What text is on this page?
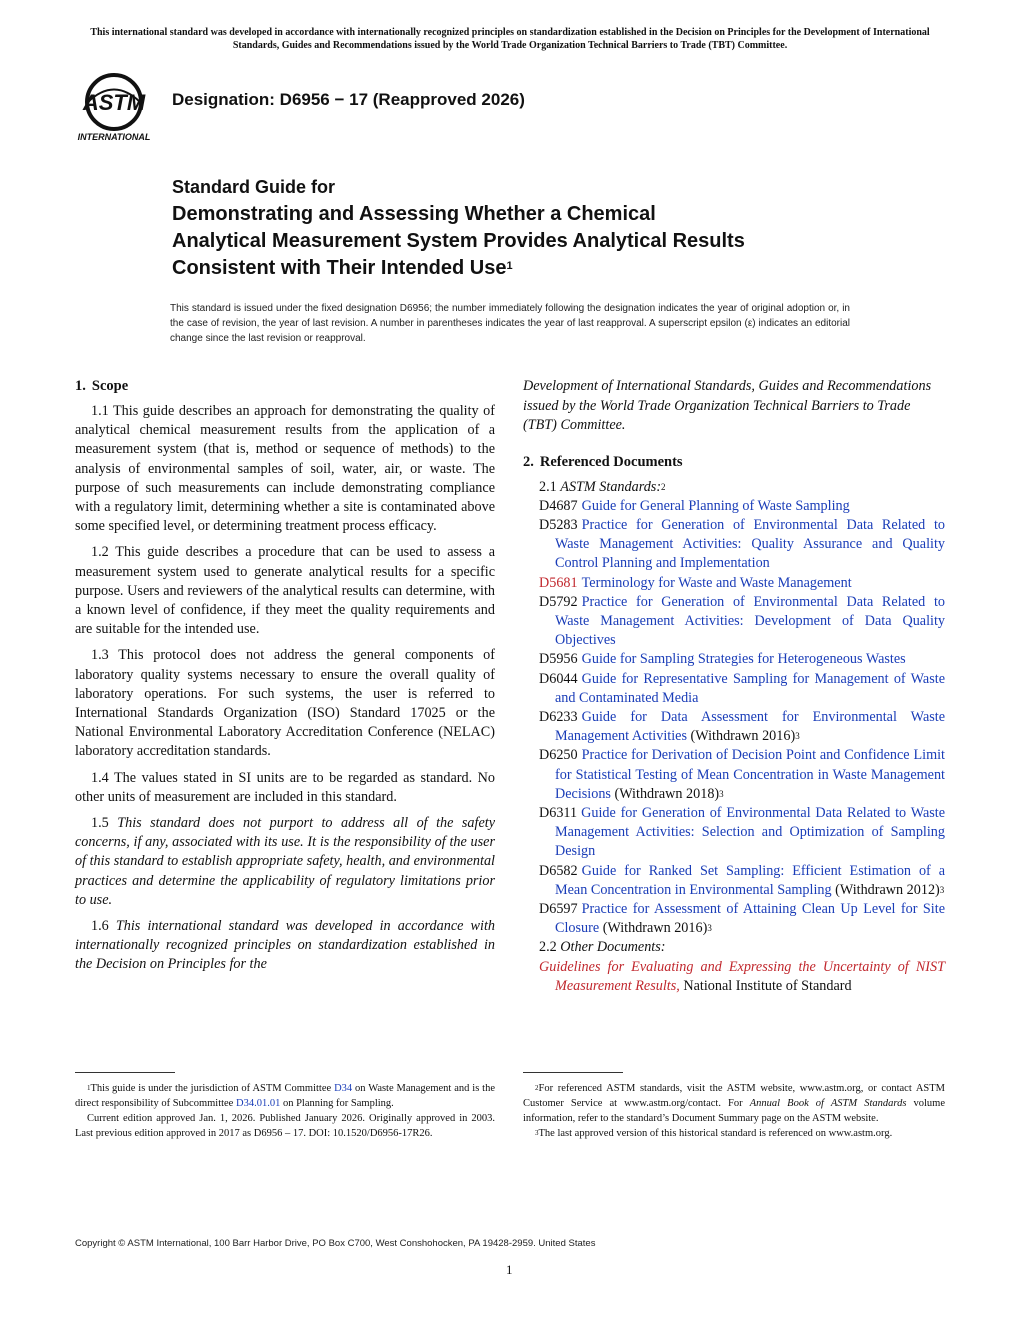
This international standard was developed in accordance with internationally recognized principles on standardization established in the Decision on Principles for the Development of International Standards, Guides and Recommendations issued by the World Trade Organization Technical Barriers to Trade (TBT) Committee.
ASTM
INTERNATIONAL
Designation: D6956 − 17 (Reapproved 2026)
Standard Guide for
Demonstrating and Assessing Whether a Chemical
Analytical Measurement System Provides Analytical Results
Consistent with Their Intended Use$^1$
This standard is issued under the fixed designation D6956; the number immediately following the designation indicates the year of original adoption or, in the case of revision, the year of last revision. A number in parentheses indicates the year of last reapproval. A superscript epsilon (ε) indicates an editorial change since the last revision or reapproval.
1. Scope

1.1 This guide describes an approach for demonstrating the quality of analytical chemical measurement results from the application of a measurement system (that is, method or sequence of methods) to the analysis of environmental samples of soil, water, air, or waste. The purpose of such measurements can include demonstrating compliance with a regulatory limit, determining whether a site is contaminated above some specified level, or determining treatment process efficacy.

1.2 This guide describes a procedure that can be used to assess a measurement system used to generate analytical results for a specific purpose. Users and reviewers of the analytical results can determine, with a known level of confidence, if they meet the quality requirements and are suitable for the intended use.

1.3 This protocol does not address the general components of laboratory quality systems necessary to ensure the overall quality of laboratory operations. For such systems, the user is referred to International Standards Organization (ISO) Standard 17025 or the National Environmental Laboratory Accreditation Conference (NELAC) laboratory accreditation standards.

1.4 The values stated in SI units are to be regarded as standard. No other units of measurement are included in this standard.

1.5 This standard does not purport to address all of the safety concerns, if any, associated with its use. It is the responsibility of the user of this standard to establish appropriate safety, health, and environmental practices and determine the applicability of regulatory limitations prior to use.

1.6 This international standard was developed in accordance with internationally recognized principles on standardization established in the Decision on Principles for the

Development of International Standards, Guides and Recommendations issued by the World Trade Organization Technical Barriers to Trade (TBT) Committee.
2. Referenced Documents
2.1 ASTM Standards:$^2$
D4687 Guide for General Planning of Waste Sampling
D5283 Practice for Generation of Environmental Data Related to Waste Management Activities: Quality Assurance and Quality Control Planning and Implementation
D5681 Terminology for Waste and Waste Management
D5792 Practice for Generation of Environmental Data Related to Waste Management Activities: Development of Data Quality Objectives
D5956 Guide for Sampling Strategies for Heterogeneous Wastes
D6044 Guide for Representative Sampling for Management of Waste and Contaminated Media
D6233 Guide for Data Assessment for Environmental Waste Management Activities (Withdrawn 2016)$^3$
D6250 Practice for Derivation of Decision Point and Confidence Limit for Statistical Testing of Mean Concentration in Waste Management Decisions (Withdrawn 2018)$^3$
D6311 Guide for Generation of Environmental Data Related to Waste Management Activities: Selection and Optimization of Sampling Design
D6582 Guide for Ranked Set Sampling: Efficient Estimation of a Mean Concentration in Environmental Sampling (Withdrawn 2012)$^3$
D6597 Practice for Assessment of Attaining Clean Up Level for Site Closure (Withdrawn 2016)$^3$
2.2 Other Documents:
Guidelines for Evaluating and Expressing the Uncertainty of NIST Measurement Results, National Institute of Standard

$^1$This guide is under the jurisdiction of ASTM Committee D34 on Waste Management and is the direct responsibility of Subcommittee D34.01.01 on Planning for Sampling.

Current edition approved Jan. 1, 2026. Published January 2026. Originally approved in 2003. Last previous edition approved in 2017 as D6956 – 17. DOI: 10.1520/D6956-17R26.

$^2$For referenced ASTM standards, visit the ASTM website, www.astm.org, or contact ASTM Customer Service at www.astm.org/contact. For Annual Book of ASTM Standards volume information, refer to the standard’s Document Summary page on the ASTM website.

$^3$The last approved version of this historical standard is referenced on www.astm.org.

Copyright © ASTM International, 100 Barr Harbor Drive, PO Box C700, West Conshohocken, PA 19428-2959. United States
1
